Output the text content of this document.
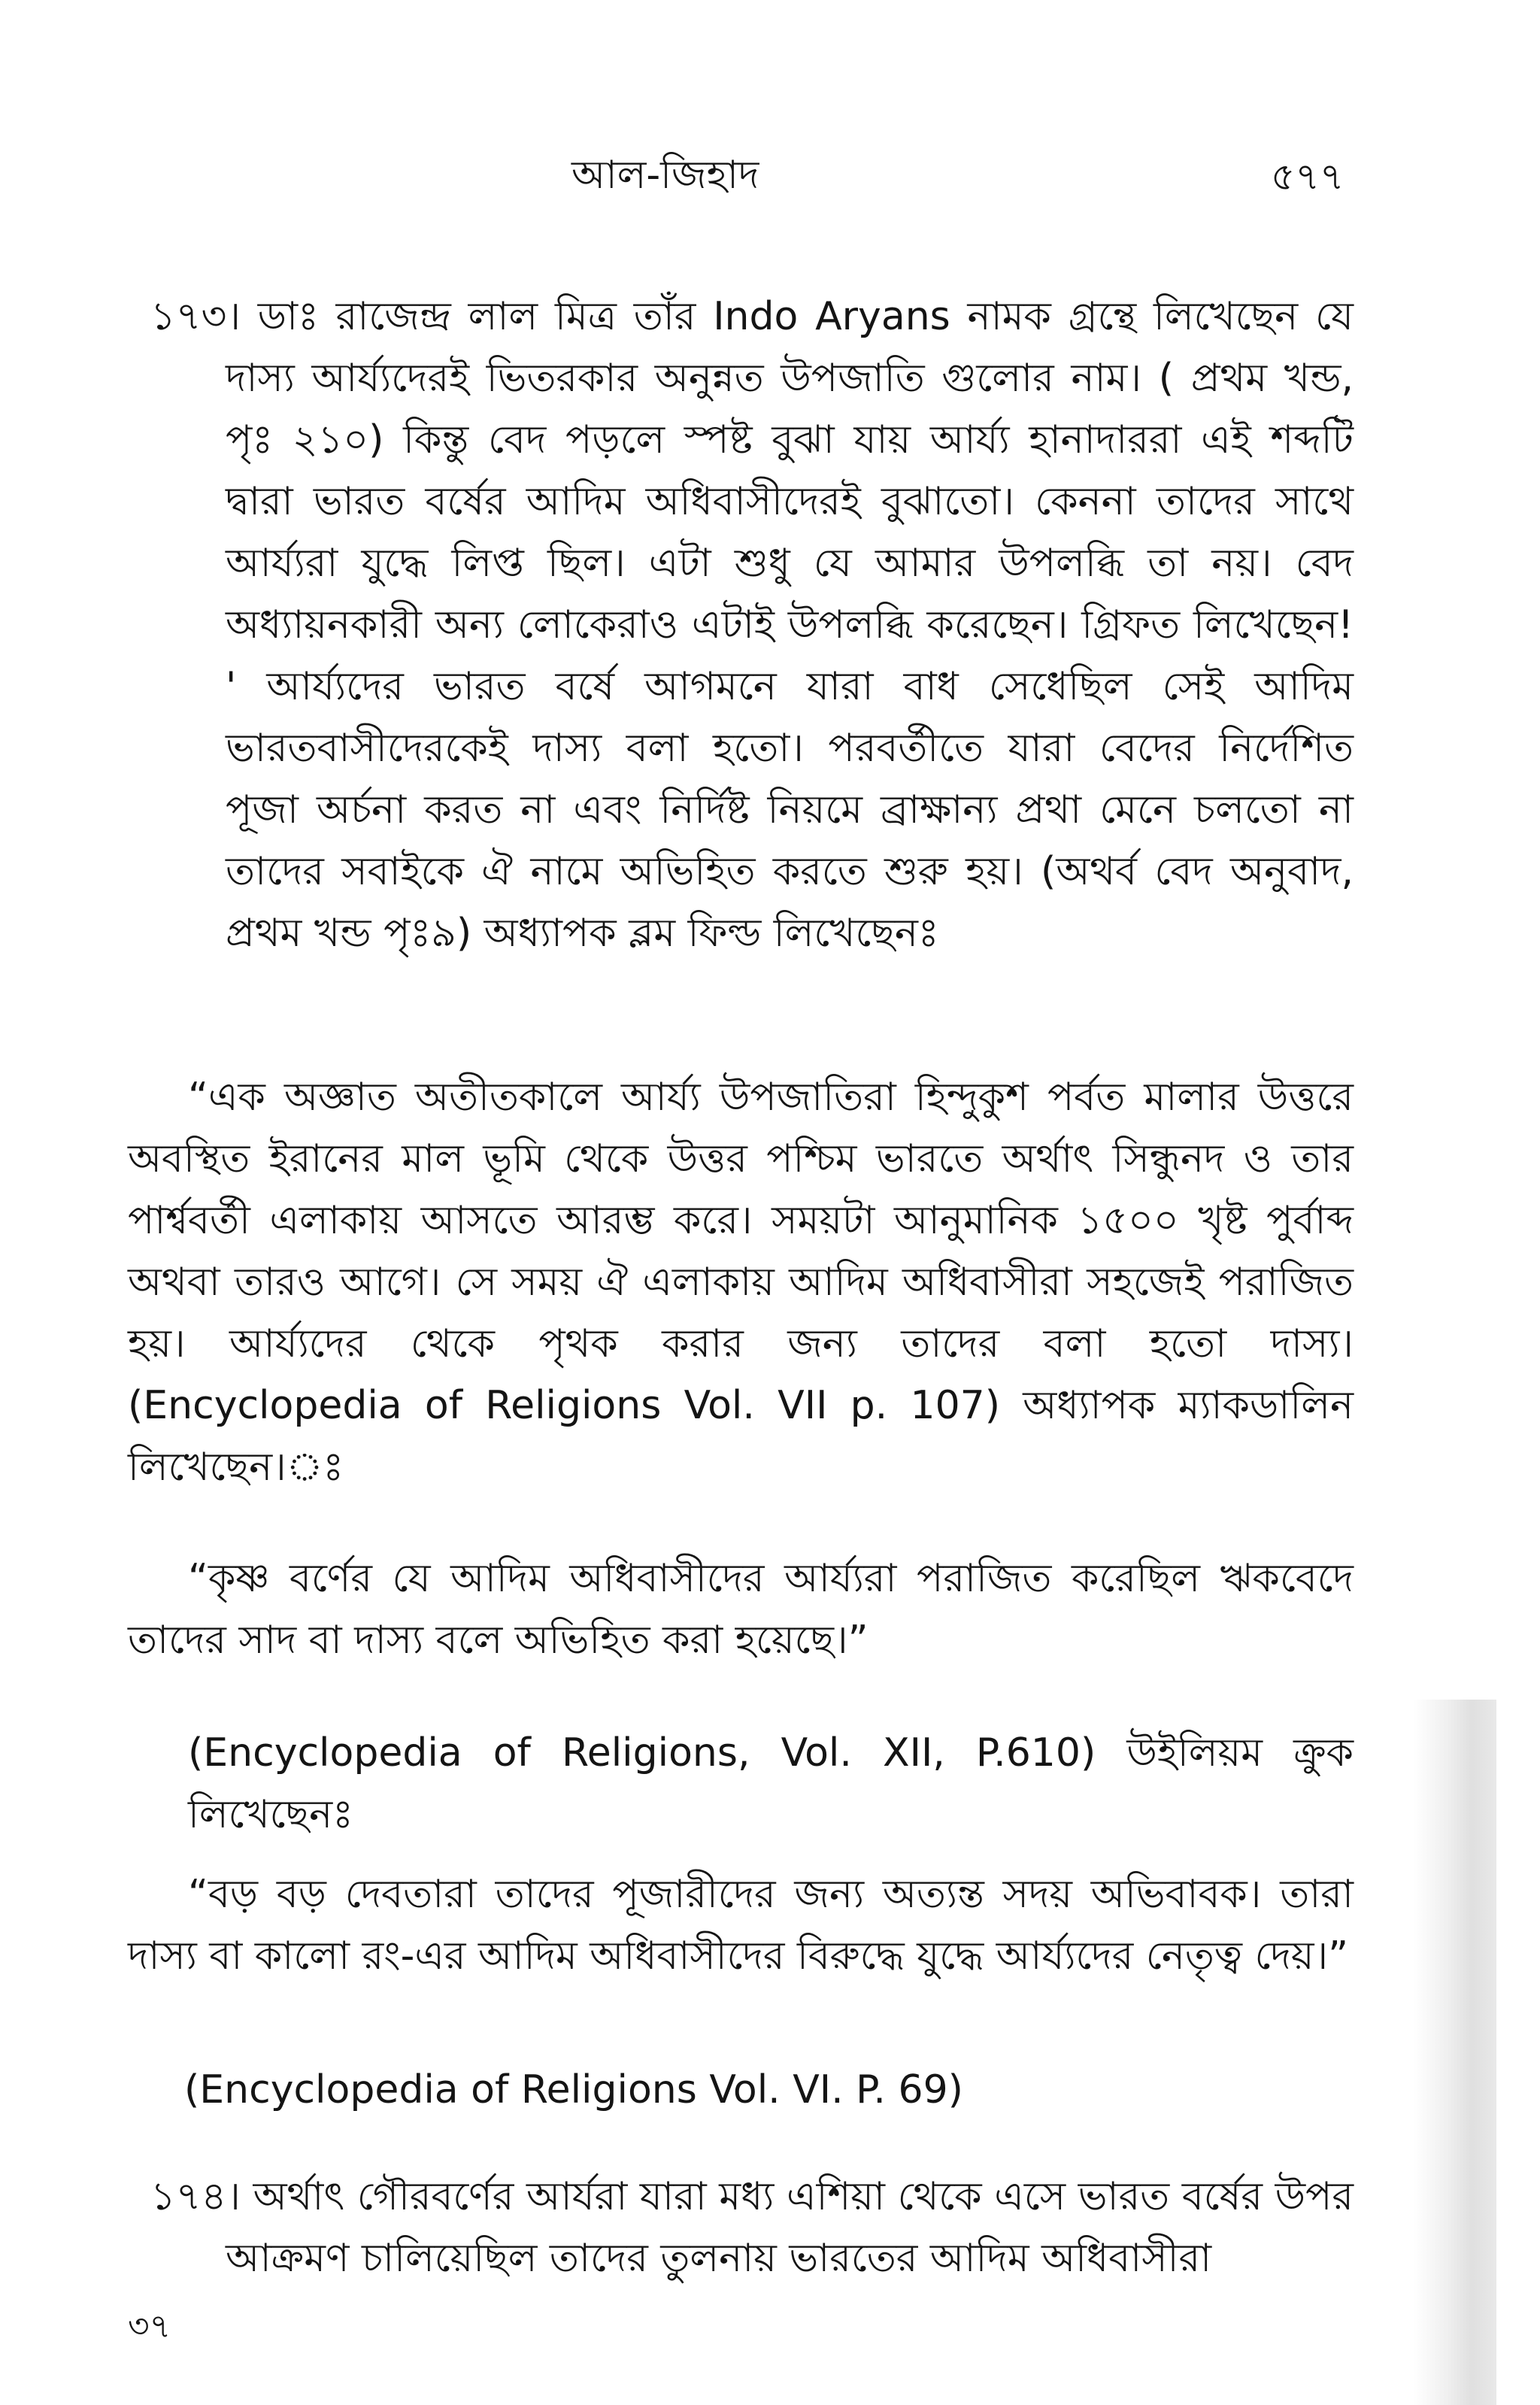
আল-জিহাদ	৫৭৭
১৭৩। ডাঃ রাজেন্দ্র লাল মিত্র তাঁর Indo Aryans নামক গ্রন্থে লিখেছেন যে দাস্য আর্য্যদেরই ভিতরকার অনুন্নত উপজাতি গুলোর নাম। ( প্রথম খন্ড, পৃঃ ২১০) কিন্তু বেদ পড়লে স্পষ্ট বুঝা যায় আর্য্য হানাদাররা এই শব্দটি দ্বারা ভারত বর্ষের আদিম অধিবাসীদেরই বুঝাতো। কেননা তাদের সাথে আর্য্যরা যুদ্ধে লিপ্ত ছিল। এটা শুধু যে আমার উপলব্ধি তা নয়। বেদ অধ্যায়নকারী অন্য লোকেরাও এটাই উপলব্ধি করেছেন। গ্রিফত লিখেছেন! ' আর্য্যদের ভারত বর্ষে আগমনে যারা বাধ সেধেছিল সেই আদিম ভারতবাসীদেরকেই দাস্য বলা হতো। পরবর্তীতে যারা বেদের নির্দেশিত পূজা অর্চনা করত না এবং নির্দিষ্ট নিয়মে ব্রাক্ষান্য প্রথা মেনে চলতো না তাদের সবাইকে ঐ নামে অভিহিত করতে শুরু হয়। (অথর্ব বেদ অনুবাদ, প্রথম খন্ড পৃঃ৯) অধ্যাপক ব্লম ফিল্ড লিখেছেনঃ
“এক অজ্ঞাত অতীতকালে আর্য্য উপজাতিরা হিন্দুকুশ পর্বত মালার উত্তরে অবস্থিত ইরানের মাল ভূমি থেকে উত্তর পশ্চিম ভারতে অর্থাৎ সিন্ধুনদ ও তার পার্শ্ববর্তী এলাকায় আসতে আরম্ভ করে। সময়টা আনুমানিক ১৫০০ খৃষ্ট পুর্বাব্দ অথবা তারও আগে। সে সময় ঐ এলাকায় আদিম অধিবাসীরা সহজেই পরাজিত হয়। আর্য্যদের থেকে পৃথক করার জন্য তাদের বলা হতো দাস্য। (Encyclopedia of Religions Vol. VII p. 107) অধ্যাপক ম্যাকডালিন লিখেছেন।ঃ
“কৃষ্ণ বর্ণের যে আদিম অধিবাসীদের আর্য্যরা পরাজিত করেছিল ঋকবেদে তাদের সাদ বা দাস্য বলে অভিহিত করা হয়েছে।”
(Encyclopedia of Religions, Vol. XII, P.610) উইলিয়ম ক্রুক লিখেছেনঃ
“বড় বড় দেবতারা তাদের পূজারীদের জন্য অত্যন্ত সদয় অভিবাবক। তারা দাস্য বা কালো রং-এর আদিম অধিবাসীদের বিরুদ্ধে যুদ্ধে আর্য্যদের নেতৃত্ব দেয়।”
(Encyclopedia of Religions Vol. VI. P. 69)
১৭৪। অর্থাৎ গৌরবর্ণের আর্যরা যারা মধ্য এশিয়া থেকে এসে ভারত বর্ষের উপর আক্রমণ চালিয়েছিল তাদের তুলনায় ভারতের আদিম অধিবাসীরা
৩৭
